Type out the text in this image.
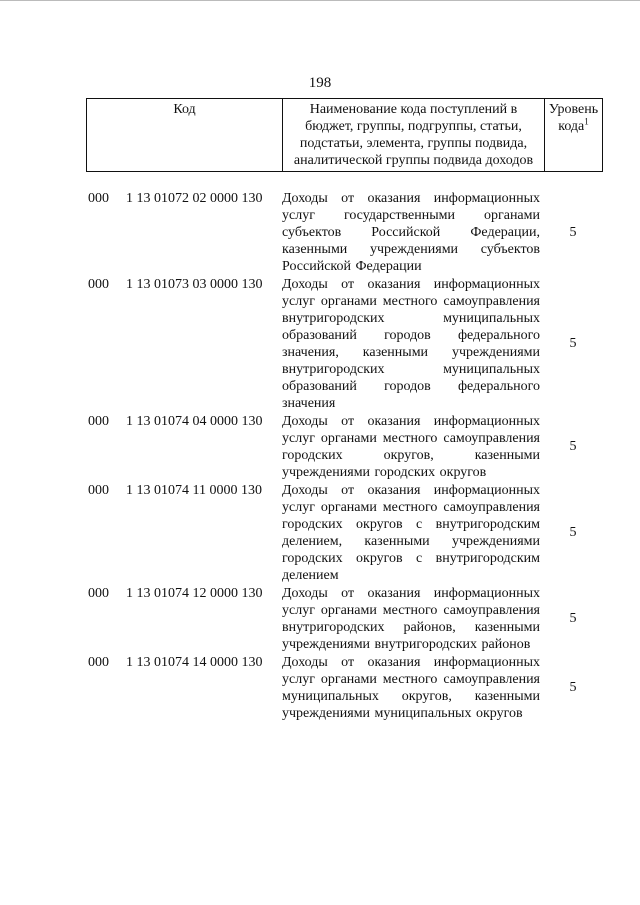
198
Код	Наименование кода поступлений в бюджет, группы, подгруппы, статьи, подстатьи, элемента, группы подвида, аналитической группы подвида доходов	Уровень кода$^1$
000 1 13 01072 02 0000 130 Доходы от оказания информационных услуг государственными органами субъектов Российской Федерации, казенными учреждениями субъектов Российской Федерации
5
000 1 13 01073 03 0000 130 Доходы от оказания информационных услуг органами местного самоуправления внутригородских муниципальных образований городов федерального значения, казенными учреждениями внутригородских муниципальных образований городов федерального значения
5
000 1 13 01074 04 0000 130 Доходы от оказания информационных услуг органами местного самоуправления городских округов, казенными учреждениями городских округов
5
000 1 13 01074 11 0000 130 Доходы от оказания информационных услуг органами местного самоуправления городских округов с внутригородским делением, казенными учреждениями городских округов с внутригородским делением
5
000 1 13 01074 12 0000 130 Доходы от оказания информационных услуг органами местного самоуправления внутригородских районов, казенными учреждениями внутригородских районов
5
000 1 13 01074 14 0000 130 Доходы от оказания информационных услуг органами местного самоуправления муниципальных округов, казенными учреждениями муниципальных округов
5
